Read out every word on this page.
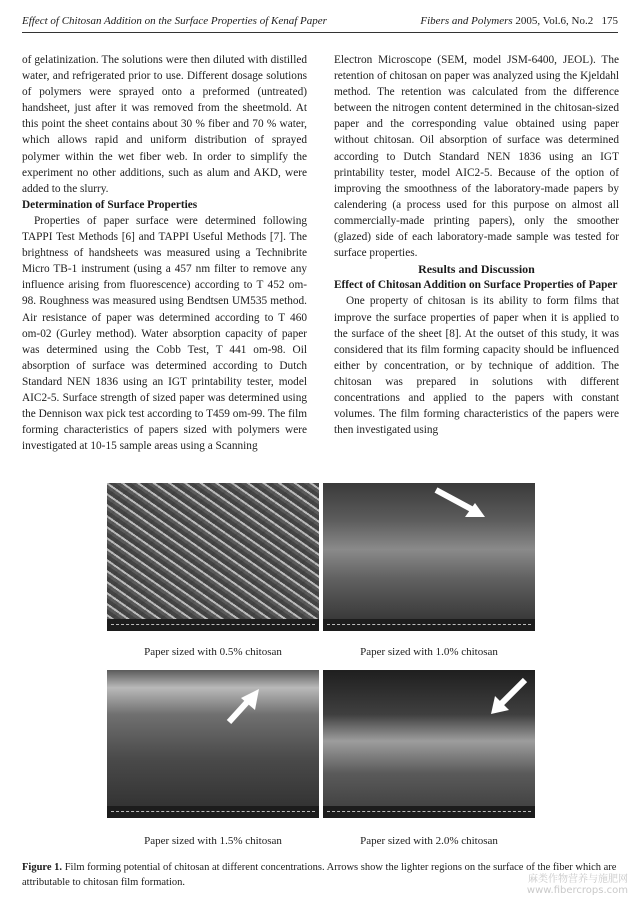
Effect of Chitosan Addition on the Surface Properties of Kenaf Paper	Fibers and Polymers 2005, Vol.6, No.2 175

of gelatinization. The solutions were then diluted with distilled water, and refrigerated prior to use. Different dosage solutions of polymers were sprayed onto a preformed (untreated) handsheet, just after it was removed from the sheetmold. At this point the sheet contains about 30 % fiber and 70 % water, which allows rapid and uniform distribution of sprayed polymer within the wet fiber web. In order to simplify the experiment no other additions, such as alum and AKD, were added to the slurry.

Determination of Surface Properties

Properties of paper surface were determined following TAPPI Test Methods [6] and TAPPI Useful Methods [7]. The brightness of handsheets was measured using a Technibrite Micro TB-1 instrument (using a 457 nm filter to remove any influence arising from fluorescence) according to T 452 om-98. Roughness was measured using Bendtsen UM535 method. Air resistance of paper was determined according to T 460 om-02 (Gurley method). Water absorption capacity of paper was determined using the Cobb Test, T 441 om-98. Oil absorption of surface was determined according to Dutch Standard NEN 1836 using an IGT printability tester, model AIC2-5. Surface strength of sized paper was determined using the Dennison wax pick test according to T459 om-99. The film forming characteristics of papers sized with polymers were investigated at 10-15 sample areas using a Scanning

Electron Microscope (SEM, model JSM-6400, JEOL). The retention of chitosan on paper was analyzed using the Kjeldahl method. The retention was calculated from the difference between the nitrogen content determined in the chitosan-sized paper and the corresponding value obtained using paper without chitosan. Oil absorption of surface was determined according to Dutch Standard NEN 1836 using an IGT printability tester, model AIC2-5. Because of the option of improving the smoothness of the laboratory-made papers by calendering (a process used for this purpose on almost all commercially-made printing papers), only the smoother (glazed) side of each laboratory-made sample was tested for surface properties.

Results and Discussion

Effect of Chitosan Addition on Surface Properties of Paper

One property of chitosan is its ability to form films that improve the surface properties of paper when it is applied to the surface of the sheet [8]. At the outset of this study, it was considered that its film forming capacity should be influenced either by concentration, or by technique of addition. The chitosan was prepared in solutions with different concentrations and applied to the papers with constant volumes. The film forming characteristics of the papers were then investigated using

Paper sized with 0.5% chitosan	Paper sized with 1.0% chitosan
Paper sized with 1.5% chitosan	Paper sized with 2.0% chitosan
Figure 1. Film forming potential of chitosan at different concentrations. Arrows show the lighter regions on the surface of the fiber which are attributable to chitosan film formation.	麻类作物营养与施肥网
www.fibercrops.com
